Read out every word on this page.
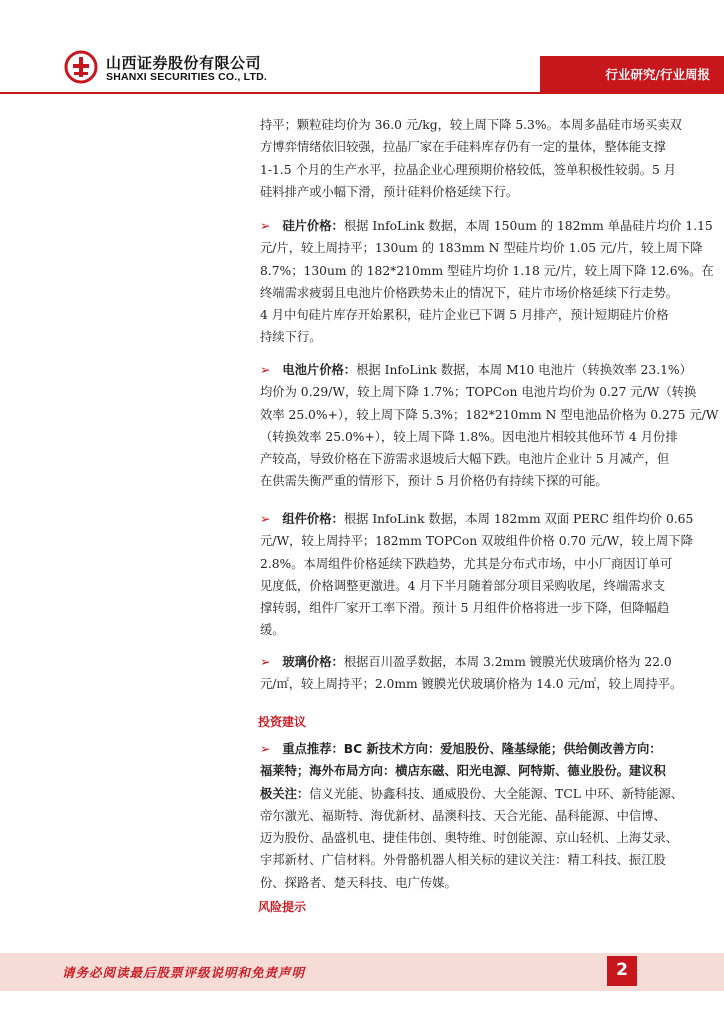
山西证券股份有限公司
SHANXI SECURITIES CO., LTD.	行业研究/行业周报
持平；颗粒硅均价为 36.0 元/kg，较上周下降 5.3%。本周多晶硅市场买卖双
方博弈情绪依旧较强，拉晶厂家在手硅料库存仍有一定的量体，整体能支撑
1-1.5 个月的生产水平，拉晶企业心理预期价格较低，签单积极性较弱。5 月
硅料排产或小幅下滑，预计硅料价格延续下行。
➢ 硅片价格：根据 InfoLink 数据，本周 150um 的 182mm 单晶硅片均价 1.15
元/片，较上周持平；130um 的 183mm N 型硅片均价 1.05 元/片，较上周下降
8.7%；130um 的 182*210mm 型硅片均价 1.18 元/片，较上周下降 12.6%。在
终端需求疲弱且电池片价格跌势未止的情况下，硅片市场价格延续下行走势。
4 月中旬硅片库存开始累积，硅片企业已下调 5 月排产，预计短期硅片价格
持续下行。
➢ 电池片价格：根据 InfoLink 数据，本周 M10 电池片（转换效率 23.1%）
均价为 0.29/W，较上周下降 1.7%；TOPCon 电池片均价为 0.27 元/W（转换
效率 25.0%+），较上周下降 5.3%；182*210mm N 型电池品价格为 0.275 元/W
（转换效率 25.0%+），较上周下降 1.8%。因电池片相较其他环节 4 月份排
产较高，导致价格在下游需求退坡后大幅下跌。电池片企业计 5 月减产，但
在供需失衡严重的情形下，预计 5 月价格仍有持续下探的可能。
➢ 组件价格：根据 InfoLink 数据，本周 182mm 双面 PERC 组件均价 0.65
元/W，较上周持平；182mm TOPCon 双玻组件价格 0.70 元/W，较上周下降
2.8%。本周组件价格延续下跌趋势，尤其是分布式市场，中小厂商因订单可
见度低，价格调整更激进。4 月下半月随着部分项目采购收尾，终端需求支
撑转弱，组件厂家开工率下滑。预计 5 月组件价格将进一步下降，但降幅趋
缓。
➢ 玻璃价格：根据百川盈孚数据，本周 3.2mm 镀膜光伏玻璃价格为 22.0
元/㎡，较上周持平；2.0mm 镀膜光伏玻璃价格为 14.0 元/㎡，较上周持平。
投资建议
➢ 重点推荐：BC 新技术方向：爱旭股份、隆基绿能；供给侧改善方向：
福莱特；海外布局方向：横店东磁、阳光电源、阿特斯、德业股份。建议积
极关注：信义光能、协鑫科技、通威股份、大全能源、TCL 中环、新特能源、
帝尔激光、福斯特、海优新材、晶澳科技、天合光能、晶科能源、中信博、
迈为股份、晶盛机电、捷佳伟创、奥特维、时创能源、京山轻机、上海艾录、
宇邦新材、广信材料。外骨骼机器人相关标的建议关注：精工科技、振江股
份、探路者、楚天科技、电广传媒。
风险提示
请务必阅读最后股票评级说明和免责声明	2
